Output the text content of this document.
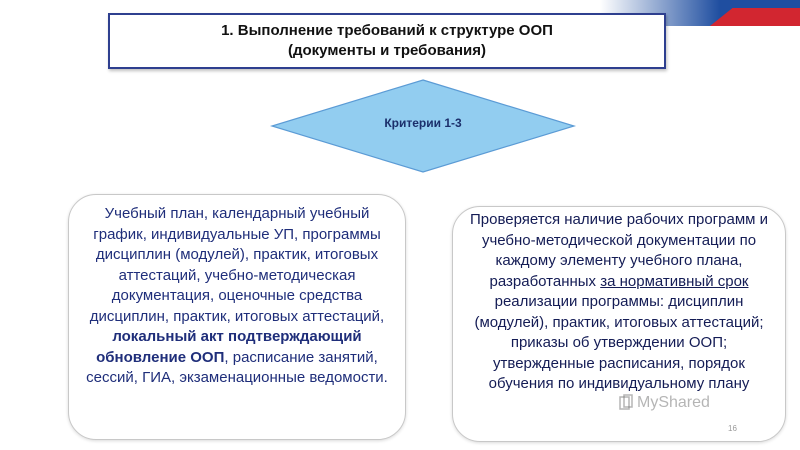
1. Выполнение требований к структуре ООП
(документы и требования)
Критерии 1-3
Учебный план, календарный учебный график, индивидуальные УП, программы дисциплин (модулей), практик, итоговых аттестаций, учебно-методическая документация, оценочные средства дисциплин, практик, итоговых аттестаций, локальный акт подтверждающий обновление ООП, расписание занятий, сессий, ГИА, экзаменационные ведомости.
Проверяется наличие рабочих программ и учебно-методической документации по каждому элементу учебного плана, разработанных за нормативный срок реализации программы: дисциплин (модулей), практик, итоговых аттестаций; приказы об утверждении ООП; утвержденные расписания, порядок обучения по индивидуальному плану
MyShared
16
